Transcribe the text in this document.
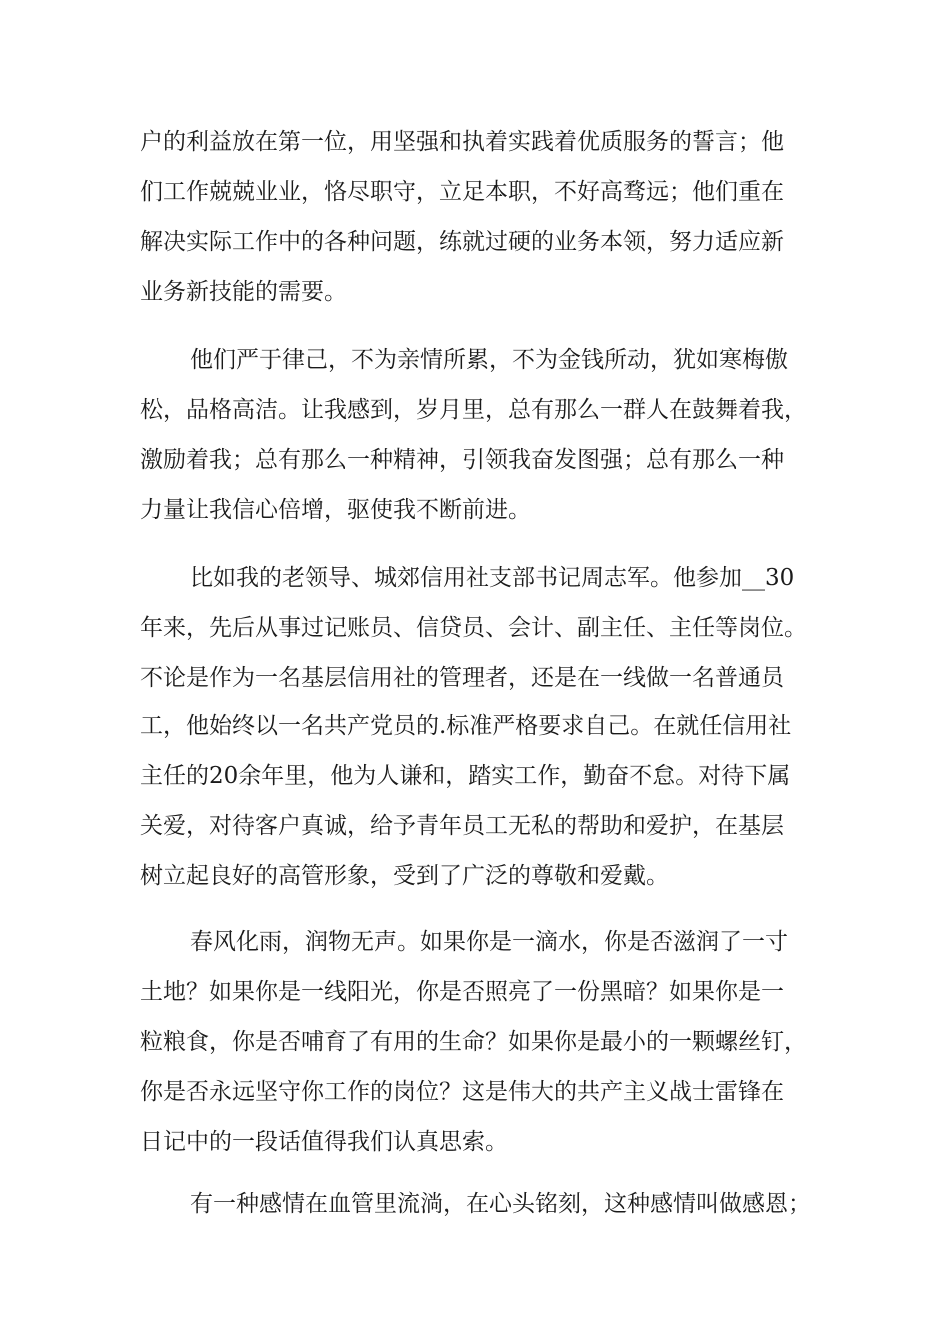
户的利益放在第一位，用坚强和执着实践着优质服务的誓言；他

们工作兢兢业业，恪尽职守，立足本职，不好高骛远；他们重在

解决实际工作中的各种问题，练就过硬的业务本领，努力适应新

业务新技能的需要。

他们严于律己，不为亲情所累，不为金钱所动，犹如寒梅傲

松，品格高洁。让我感到，岁月里，总有那么一群人在鼓舞着我，

激励着我；总有那么一种精神，引领我奋发图强；总有那么一种

力量让我信心倍增，驱使我不断前进。

比如我的老领导、城郊信用社支部书记周志军。他参加__30

年来，先后从事过记账员、信贷员、会计、副主任、主任等岗位。

不论是作为一名基层信用社的管理者，还是在一线做一名普通员

工，他始终以一名共产党员的.标准严格要求自己。在就任信用社

主任的20余年里，他为人谦和，踏实工作，勤奋不怠。对待下属

关爱，对待客户真诚，给予青年员工无私的帮助和爱护，在基层

树立起良好的高管形象，受到了广泛的尊敬和爱戴。

春风化雨，润物无声。如果你是一滴水，你是否滋润了一寸

土地？如果你是一线阳光，你是否照亮了一份黑暗？如果你是一

粒粮食，你是否哺育了有用的生命？如果你是最小的一颗螺丝钉，

你是否永远坚守你工作的岗位？这是伟大的共产主义战士雷锋在

日记中的一段话值得我们认真思索。

有一种感情在血管里流淌，在心头铭刻，这种感情叫做感恩；
